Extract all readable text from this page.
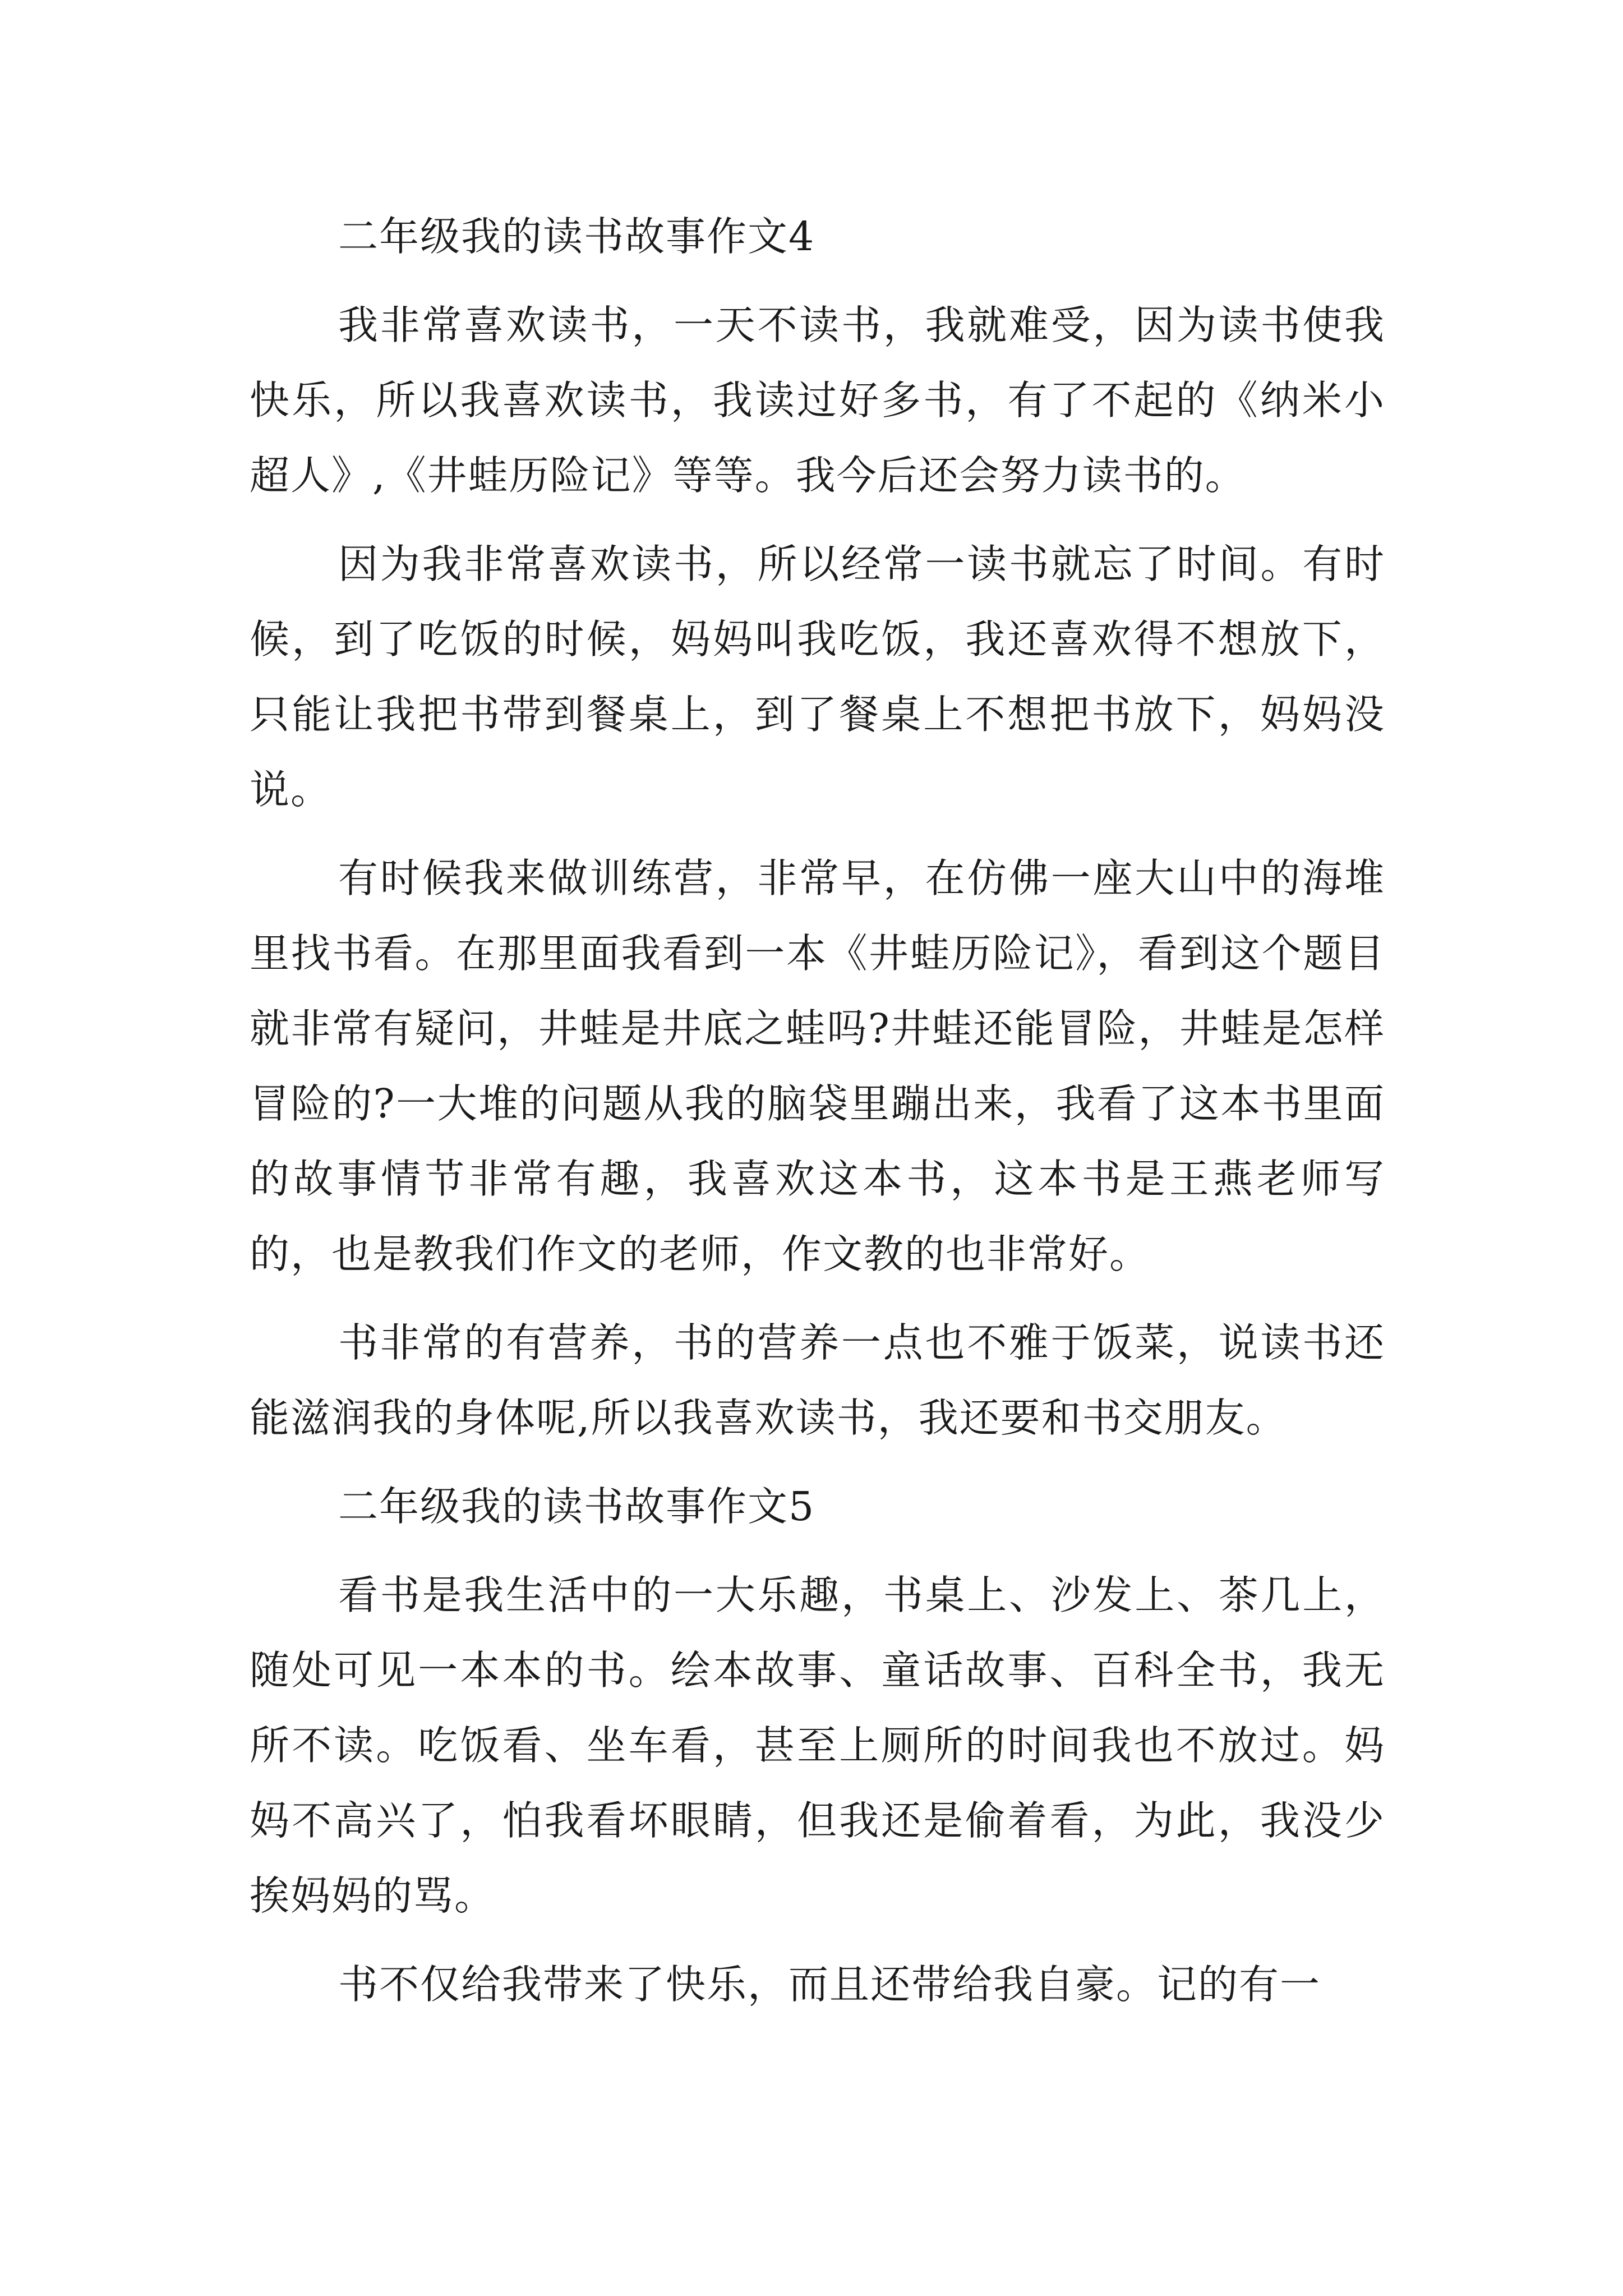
二年级我的读书故事作文4

我非常喜欢读书，一天不读书，我就难受，因为读书使我快乐，所以我喜欢读书，我读过好多书，有了不起的《纳米小超人》,《井蛙历险记》等等。我今后还会努力读书的。

因为我非常喜欢读书，所以经常一读书就忘了时间。有时候，到了吃饭的时候，妈妈叫我吃饭，我还喜欢得不想放下，只能让我把书带到餐桌上，到了餐桌上不想把书放下，妈妈没说。

有时候我来做训练营，非常早，在仿佛一座大山中的海堆里找书看。在那里面我看到一本《井蛙历险记》，看到这个题目就非常有疑问，井蛙是井底之蛙吗?井蛙还能冒险，井蛙是怎样冒险的?一大堆的问题从我的脑袋里蹦出来，我看了这本书里面的故事情节非常有趣，我喜欢这本书，这本书是王燕老师写的，也是教我们作文的老师，作文教的也非常好。

书非常的有营养，书的营养一点也不雅于饭菜，说读书还能滋润我的身体呢,所以我喜欢读书，我还要和书交朋友。

二年级我的读书故事作文5

看书是我生活中的一大乐趣，书桌上、沙发上、茶几上，随处可见一本本的书。绘本故事、童话故事、百科全书，我无所不读。吃饭看、坐车看，甚至上厕所的时间我也不放过。妈妈不高兴了，怕我看坏眼睛，但我还是偷着看，为此，我没少挨妈妈的骂。

书不仅给我带来了快乐，而且还带给我自豪。记的有一
